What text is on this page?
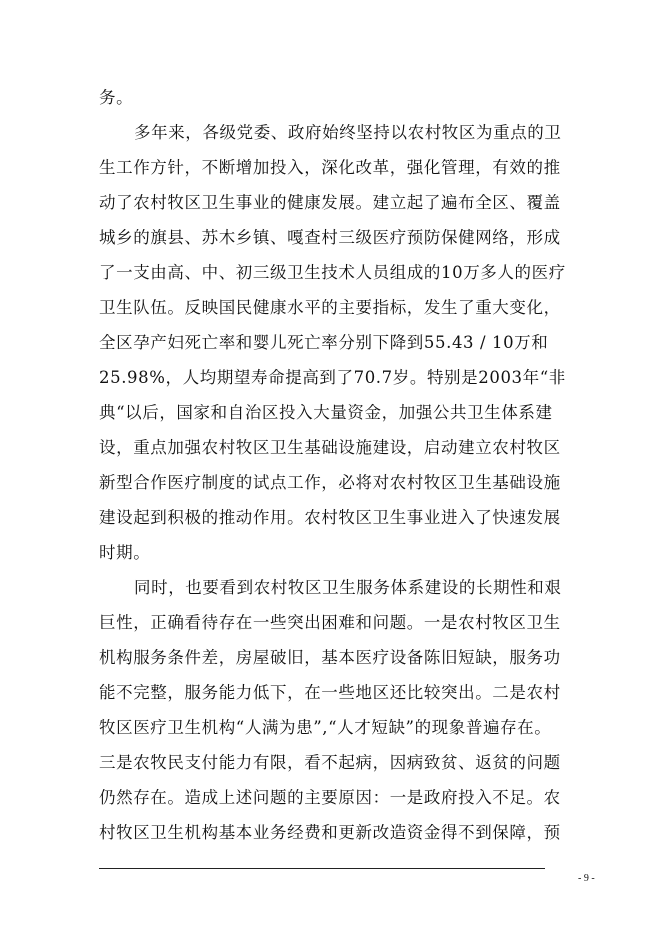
务。
多年来，各级党委、政府始终坚持以农村牧区为重点的卫
生工作方针，不断增加投入，深化改革，强化管理，有效的推
动了农村牧区卫生事业的健康发展。建立起了遍布全区、覆盖
城乡的旗县、苏木乡镇、嘎查村三级医疗预防保健网络，形成
了一支由高、中、初三级卫生技术人员组成的10万多人的医疗
卫生队伍。反映国民健康水平的主要指标，发生了重大变化，
全区孕产妇死亡率和婴儿死亡率分别下降到55.43 / 10万和
25.98%，人均期望寿命提高到了70.7岁。特别是2003年“非
典“以后，国家和自治区投入大量资金，加强公共卫生体系建
设，重点加强农村牧区卫生基础设施建设，启动建立农村牧区
新型合作医疗制度的试点工作，必将对农村牧区卫生基础设施
建设起到积极的推动作用。农村牧区卫生事业进入了快速发展
时期。
同时，也要看到农村牧区卫生服务体系建设的长期性和艰
巨性，正确看待存在一些突出困难和问题。一是农村牧区卫生
机构服务条件差，房屋破旧，基本医疗设备陈旧短缺，服务功
能不完整，服务能力低下，在一些地区还比较突出。二是农村
牧区医疗卫生机构“人满为患”,“人才短缺”的现象普遍存在。
三是农牧民支付能力有限，看不起病，因病致贫、返贫的问题
仍然存在。造成上述问题的主要原因：一是政府投入不足。农
村牧区卫生机构基本业务经费和更新改造资金得不到保障，预
- 9 -
